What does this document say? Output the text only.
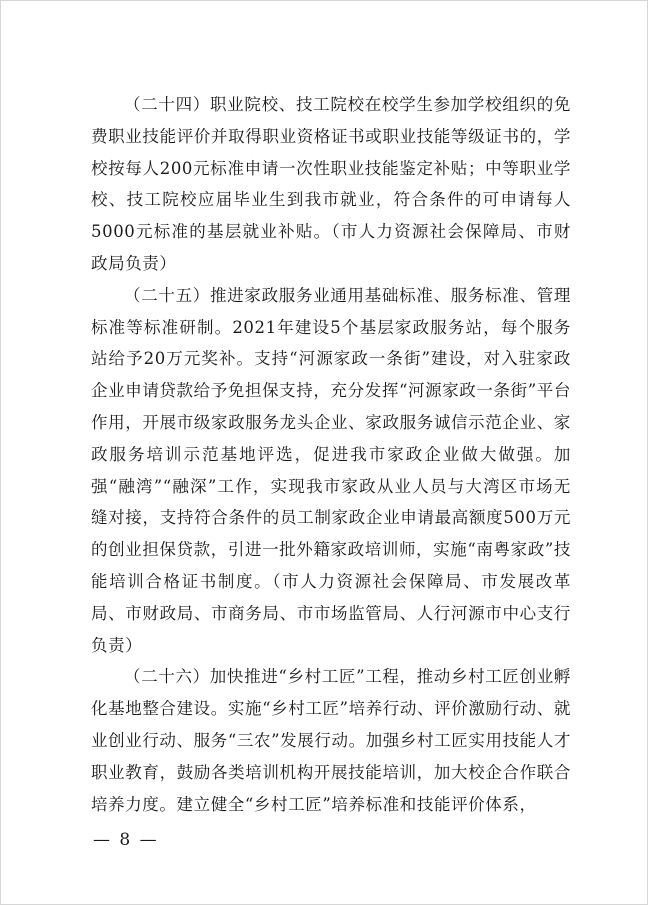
（二十四）职业院校、技工院校在校学生参加学校组织的免费职业技能评价并取得职业资格证书或职业技能等级证书的，学校按每人200元标准申请一次性职业技能鉴定补贴；中等职业学校、技工院校应届毕业生到我市就业，符合条件的可申请每人5000元标准的基层就业补贴。（市人力资源社会保障局、市财政局负责）

（二十五）推进家政服务业通用基础标准、服务标准、管理标准等标准研制。2021年建设5个基层家政服务站，每个服务站给予20万元奖补。支持“河源家政一条街”建设，对入驻家政企业申请贷款给予免担保支持，充分发挥“河源家政一条街”平台作用，开展市级家政服务龙头企业、家政服务诚信示范企业、家政服务培训示范基地评选，促进我市家政企业做大做强。加强“融湾”“融深”工作，实现我市家政从业人员与大湾区市场无缝对接，支持符合条件的员工制家政企业申请最高额度500万元的创业担保贷款，引进一批外籍家政培训师，实施“南粤家政”技能培训合格证书制度。（市人力资源社会保障局、市发展改革局、市财政局、市商务局、市市场监管局、人行河源市中心支行负责）

（二十六）加快推进“乡村工匠”工程，推动乡村工匠创业孵化基地整合建设。实施“乡村工匠”培养行动、评价激励行动、就业创业行动、服务“三农”发展行动。加强乡村工匠实用技能人才职业教育，鼓励各类培训机构开展技能培训，加大校企合作联合培养力度。建立健全“乡村工匠”培养标准和技能评价体系，

— 8 —
